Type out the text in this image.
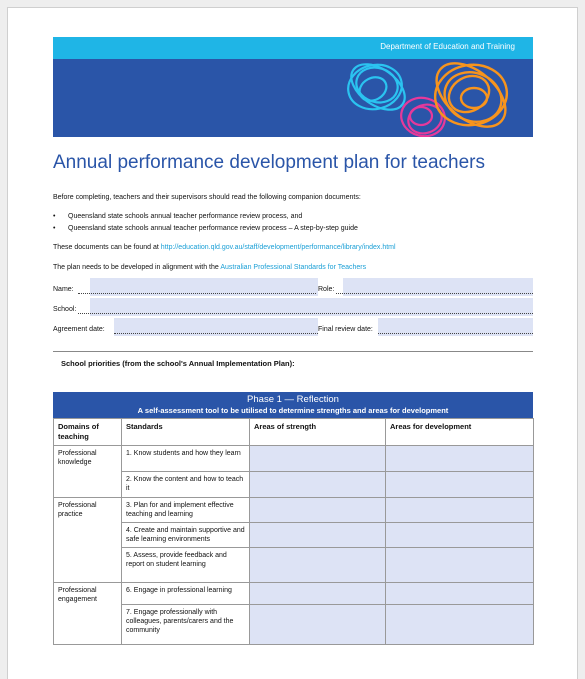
Department of Education and Training
Annual performance development plan for teachers
Before completing, teachers and their supervisors should read the following companion documents:
• Queensland state schools annual teacher performance review process, and
• Queensland state schools annual teacher performance review process – A step-by-step guide
These documents can be found at http://education.qld.gov.au/staff/development/performance/library/index.html
The plan needs to be developed in alignment with the Australian Professional Standards for Teachers
Name:	Role:
School:
Agreement date:	Final review date:
School priorities (from the school's Annual Implementation Plan):
Phase 1 — Reflection
A self-assessment tool to be utilised to determine strengths and areas for development
Domains of teaching	Standards	Areas of strength	Areas for development
Professional knowledge	1. Know students and how they learn		
	2. Know the content and how to teach it		
Professional practice	3. Plan for and implement effective teaching and learning		
	4. Create and maintain supportive and safe learning environments		
	5. Assess, provide feedback and report on student learning		
Professional engagement	6. Engage in professional learning		
	7. Engage professionally with colleagues, parents/carers and the community		
